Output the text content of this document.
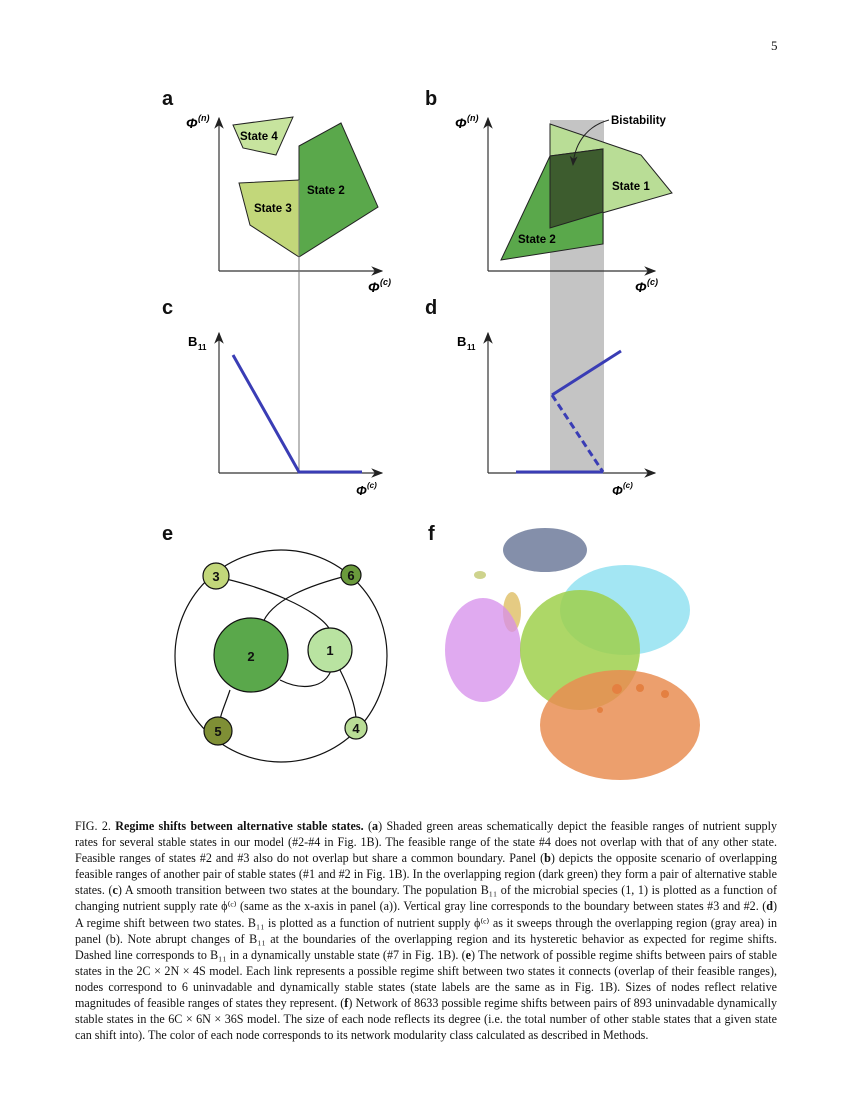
5
a	b
c	d
e	f
State 4
State 3
State 2
Φ (n)
Φ (c)
Bistability
State 1
State 2
Φ (n)
Φ (c)
B 11
Φ (c)
B 11
Φ (c)
3	6
2	1
5	4
FIG. 2. Regime shifts between alternative stable states. (a) Shaded green areas schematically depict the feasible ranges of nutrient supply rates for several stable states in our model (#2-#4 in Fig. 1B). The feasible range of the state #4 does not overlap with that of any other state. Feasible ranges of states #2 and #3 also do not overlap but share a common boundary. Panel (b) depicts the opposite scenario of overlapping feasible ranges of another pair of stable states (#1 and #2 in Fig. 1B). In the overlapping region (dark green) they form a pair of alternative stable states. (c) A smooth transition between two states at the boundary. The population B₁₁ of the microbial species (1, 1) is plotted as a function of changing nutrient supply rate ϕ⁽ᶜ⁾ (same as the x-axis in panel (a)). Vertical gray line corresponds to the boundary between states #3 and #2. (d) A regime shift between two states. B₁₁ is plotted as a function of nutrient supply ϕ⁽ᶜ⁾ as it sweeps through the overlapping region (gray area) in panel (b). Note abrupt changes of B₁₁ at the boundaries of the overlapping region and its hysteretic behavior as expected for regime shifts. Dashed line corresponds to B₁₁ in a dynamically unstable state (#7 in Fig. 1B). (e) The network of possible regime shifts between pairs of stable states in the 2C × 2N × 4S model. Each link represents a possible regime shift between two states it connects (overlap of their feasible ranges), nodes correspond to 6 uninvadable and dynamically stable states (state labels are the same as in Fig. 1B). Sizes of nodes reflect relative magnitudes of feasible ranges of states they represent. (f) Network of 8633 possible regime shifts between pairs of 893 uninvadable dynamically stable states in the 6C × 6N × 36S model. The size of each node reflects its degree (i.e. the total number of other stable states that a given state can shift into). The color of each node corresponds to its network modularity class calculated as described in Methods.
